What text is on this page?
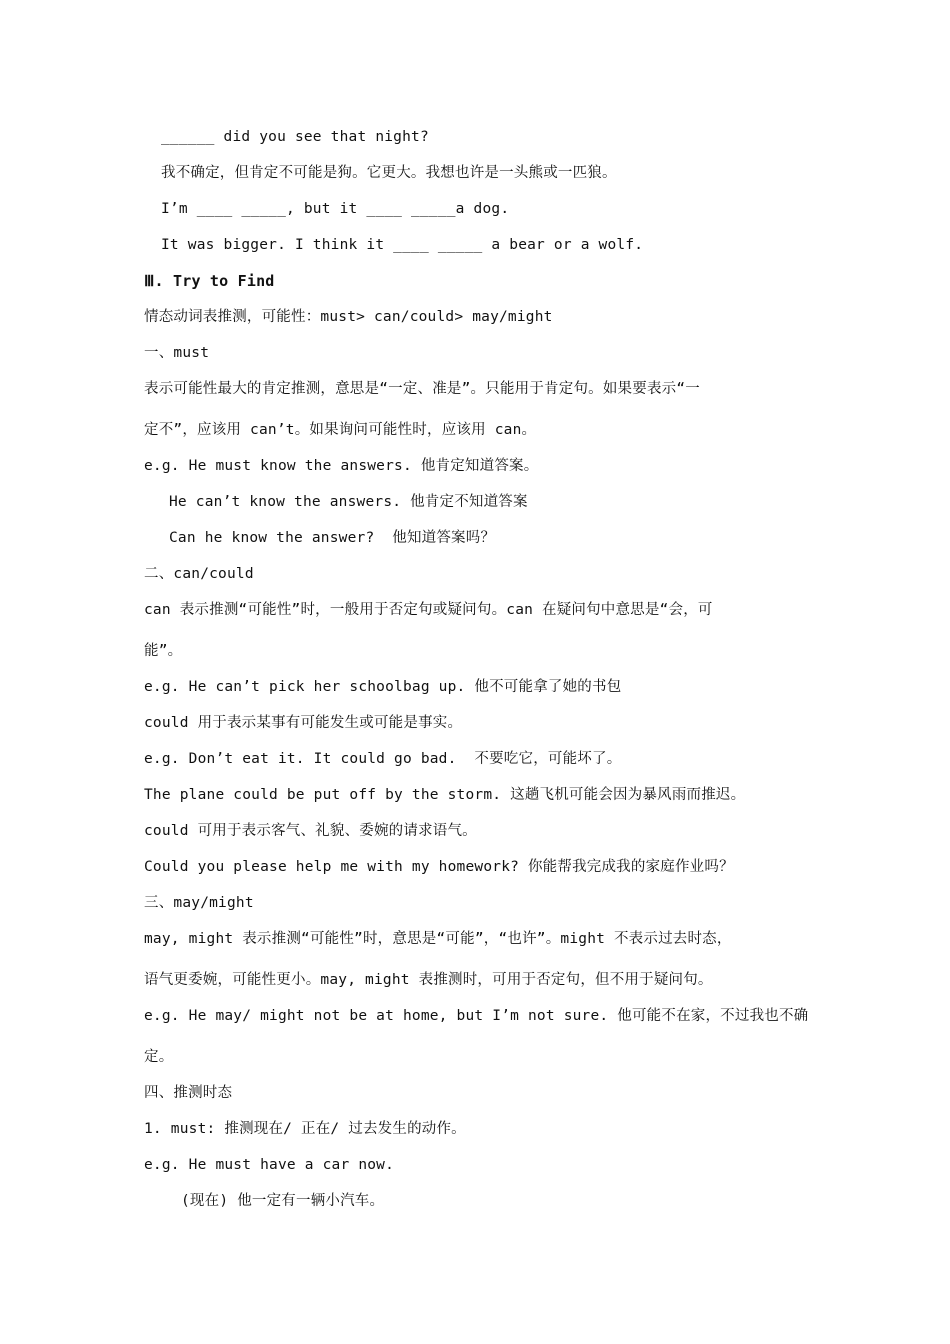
______ did you see that night?
我不确定，但肯定不可能是狗。它更大。我想也许是一头熊或一匹狼。
I’m ____ _____, but it ____ _____a dog.
It was bigger. I think it ____ _____ a bear or a wolf.
Ⅲ. Try to Find
情态动词表推测，可能性：must> can/could> may/might
一、must
表示可能性最大的肯定推测，意思是“一定、准是”。只能用于肯定句。如果要表示“一
定不”，应该用 can’t。如果询问可能性时，应该用 can。
e.g. He must know the answers. 他肯定知道答案。
He can’t know the answers. 他肯定不知道答案
Can he know the answer?  他知道答案吗？
二、can/could
can 表示推测“可能性”时，一般用于否定句或疑问句。can 在疑问句中意思是“会，可
能”。
e.g. He can’t pick her schoolbag up. 他不可能拿了她的书包
could 用于表示某事有可能发生或可能是事实。
e.g. Don’t eat it. It could go bad.  不要吃它，可能坏了。
The plane could be put off by the storm. 这趟飞机可能会因为暴风雨而推迟。
could 可用于表示客气、礼貌、委婉的请求语气。
Could you please help me with my homework? 你能帮我完成我的家庭作业吗？
三、may/might
may, might 表示推测“可能性”时，意思是“可能”，“也许”。might 不表示过去时态，
语气更委婉，可能性更小。may, might 表推测时，可用于否定句，但不用于疑问句。
e.g. He may/ might not be at home, but I’m not sure. 他可能不在家，不过我也不确
定。
四、推测时态
1. must: 推测现在/ 正在/ 过去发生的动作。
e.g. He must have a car now.
(现在) 他一定有一辆小汽车。
